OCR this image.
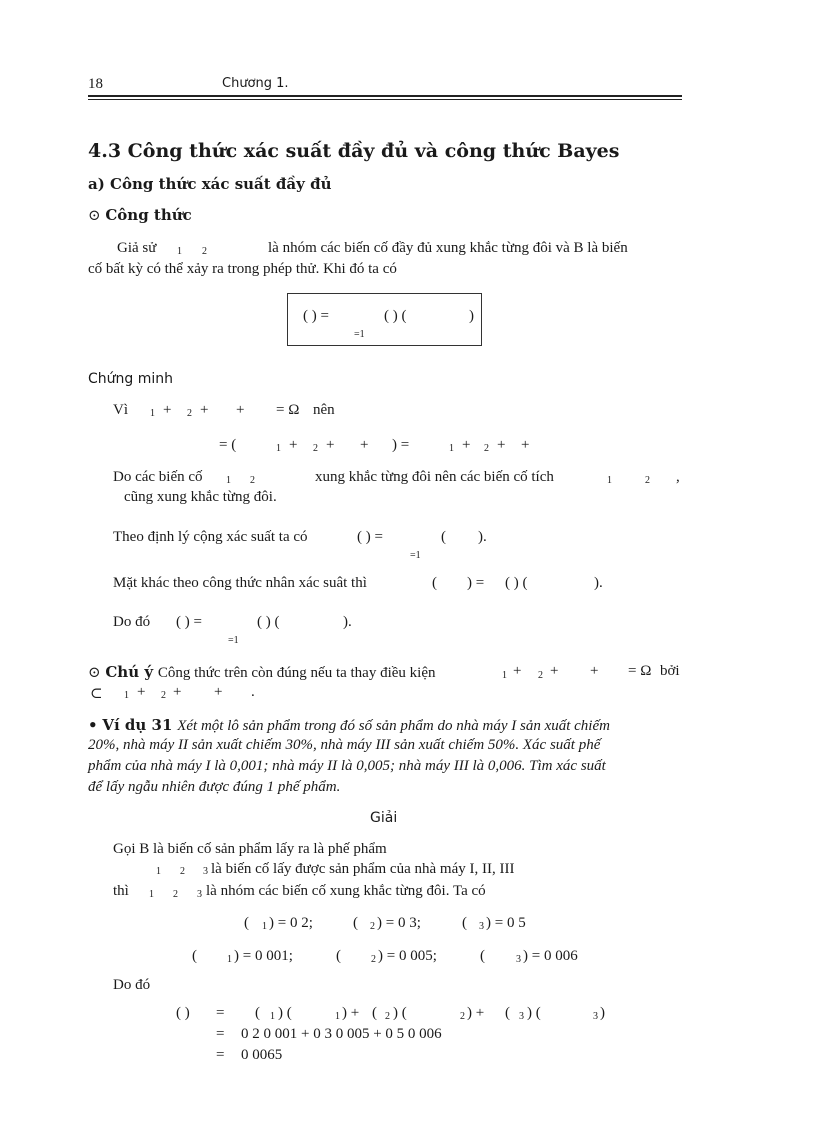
18	Chương 1.
4.3 Công thức xác suất đầy đủ và công thức Bayes
a) Công thức xác suất đầy đủ
⊙ Công thức
Giả sử 1 2	là nhóm các biến cố đầy đủ xung khắc từng đôi và B là biến
cố bất kỳ có thể xảy ra trong phép thử. Khi đó ta có
( ) =
=1
( ) (	)
Chứng minh
Vì 1 + 2 + + = Ω nên
= (	1 + 2 + + ) =	1 + 2 + +
Do các biến cố 1 2	xung khắc từng đôi nên các biến cố tích	1	2 ,
cũng xung khắc từng đôi.
Theo định lý cộng xác suất ta có	( ) =
=1
( ).
Mặt khác theo công thức nhân xác suât thì	( ) = ( ) (	).
Do đó ( ) =
=1
( ) (	).
⊙ Chú ý Công thức trên còn đúng nếu ta thay điều kiện	1 + 2 + + = Ω bởi
⊂ 1 + 2 + + .
• Ví dụ 31 Xét một lô sản phẩm trong đó số sản phẩm do nhà máy I sản xuất chiếm
20%, nhà máy II sản xuất chiếm 30%, nhà máy III sản xuất chiếm 50%. Xác suất phế
phẩm của nhà máy I là 0,001; nhà máy II là 0,005; nhà máy III là 0,006. Tìm xác suất
để lấy ngẫu nhiên được đúng 1 phế phẩm.
Giải
Gọi B là biến cố sản phẩm lấy ra là phế phẩm
1 2 3 là biến cố lấy được sản phẩm của nhà máy I, II, III
thì 1 2 3 là nhóm các biến cố xung khắc từng đôi. Ta có
( 1 ) = 0 2;	( 2 ) = 0 3;	( 3 ) = 0 5
(	1 ) = 0 001;	(	2 ) = 0 005;	(	3 ) = 0 006
Do đó
( ) = ( 1 ) (	1 ) + ( 2 ) (	2 ) + ( 3 ) (	3 )
= 0 2 0 001 + 0 3 0 005 + 0 5 0 006
= 0 0065
